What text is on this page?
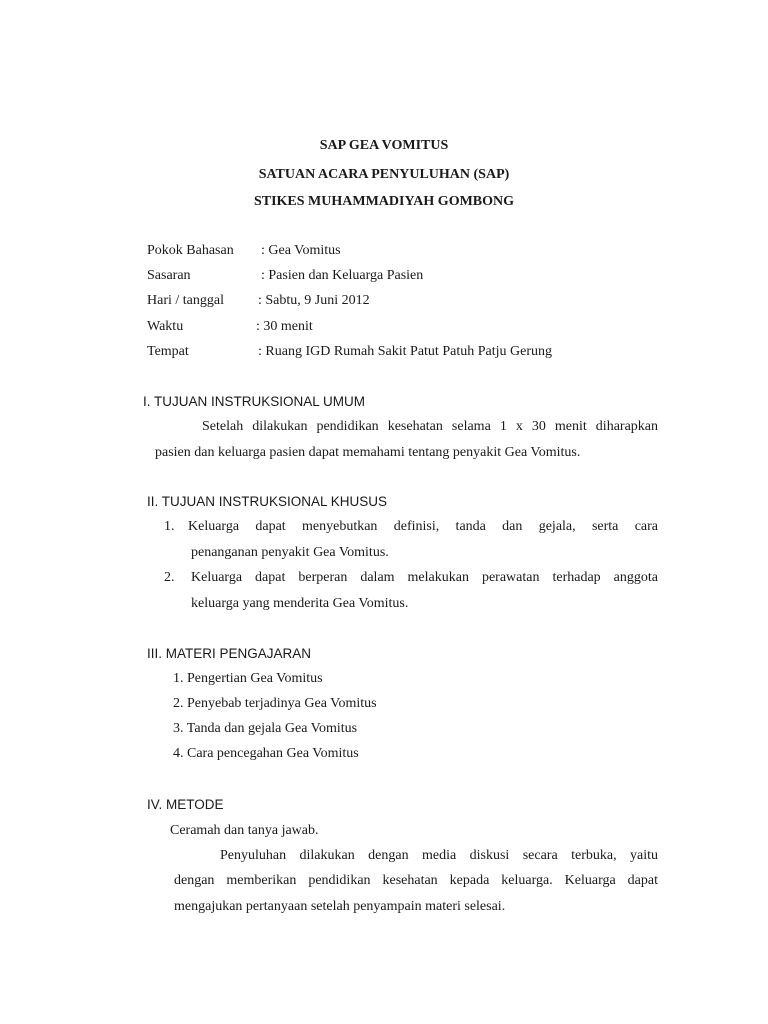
SAP GEA VOMITUS
SATUAN ACARA PENYULUHAN (SAP)
STIKES MUHAMMADIYAH GOMBONG
Pokok Bahasan : Gea Vomitus
Sasaran	: Pasien dan Keluarga Pasien
Hari / tanggal : Sabtu, 9 Juni 2012
Waktu	: 30 menit
Tempat	: Ruang IGD Rumah Sakit Patut Patuh Patju Gerung
I. TUJUAN INSTRUKSIONAL UMUM
Setelah dilakukan pendidikan kesehatan selama 1 x 30 menit diharapkan
pasien dan keluarga pasien dapat memahami tentang penyakit Gea Vomitus.
II. TUJUAN INSTRUKSIONAL KHUSUS
1. Keluarga dapat menyebutkan definisi, tanda dan gejala, serta cara
penanganan penyakit Gea Vomitus.
2. Keluarga dapat berperan dalam melakukan perawatan terhadap anggota
keluarga yang menderita Gea Vomitus.
III. MATERI PENGAJARAN
1. Pengertian Gea Vomitus
2. Penyebab terjadinya Gea Vomitus
3. Tanda dan gejala Gea Vomitus
4. Cara pencegahan Gea Vomitus
IV. METODE
Ceramah dan tanya jawab.
Penyuluhan dilakukan dengan media diskusi secara terbuka, yaitu
dengan memberikan pendidikan kesehatan kepada keluarga. Keluarga dapat
mengajukan pertanyaan setelah penyampain materi selesai.
